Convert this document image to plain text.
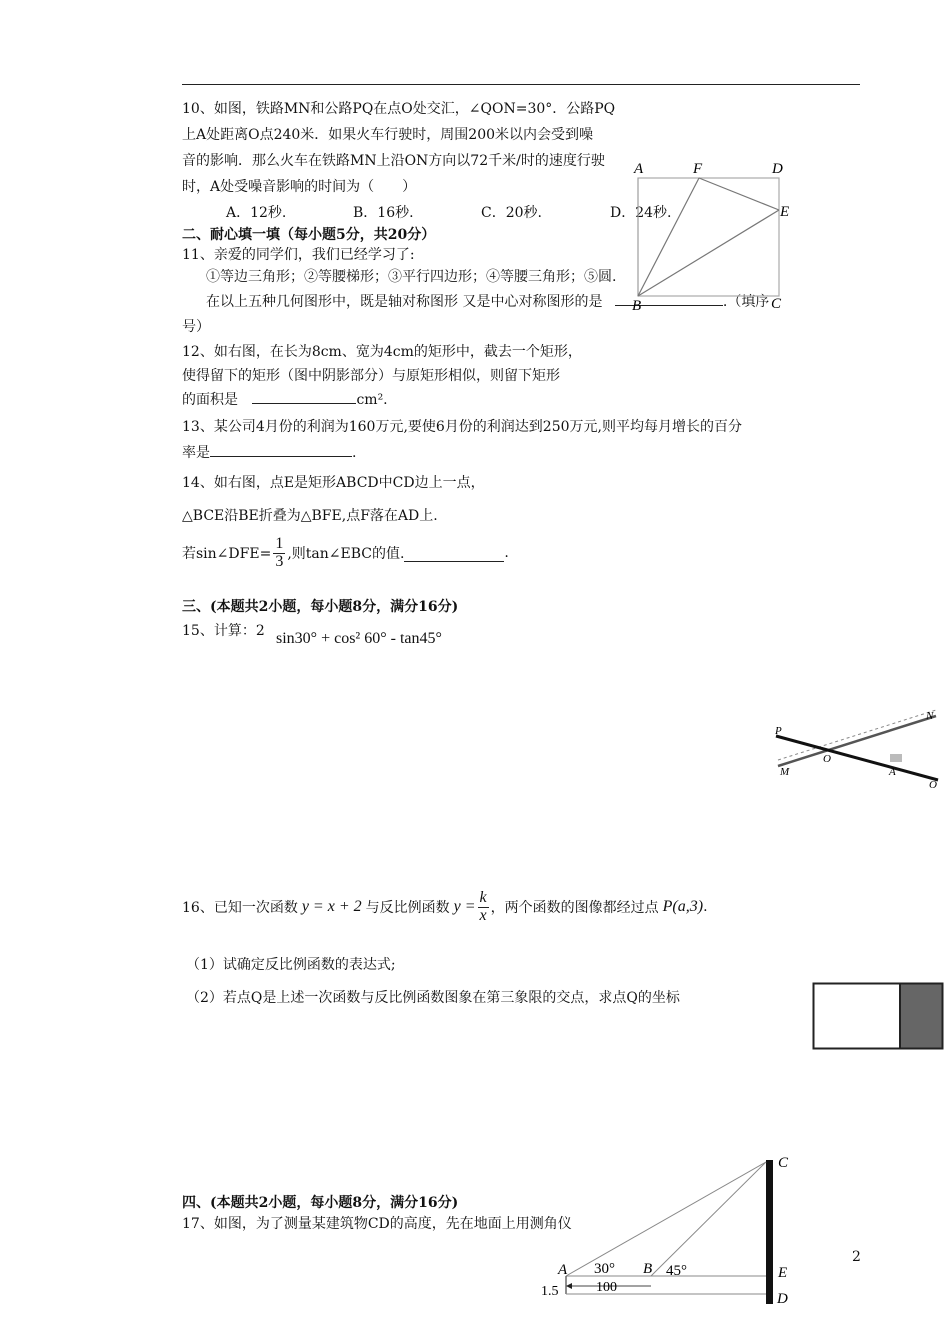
10、如图，铁路MN和公路PQ在点O处交汇，∠QON=30°．公路PQ
上A处距离O点240米．如果火车行驶时，周围200米以内会受到噪
音的影响．那么火车在铁路MN上沿ON方向以72千米/时的速度行驶
时，A处受噪音影响的时间为（　　）
A．12秒.	B．16秒.	C．20秒.	D．24秒.
二、耐心填一填（每小题5分，共20分）
11、亲爱的同学们，我们已经学习了:
①等边三角形；②等腰梯形；③平行四边形；④等腰三角形；⑤圆.
在以上五种几何图形中，既是轴对称图形 又是中心对称图形的是	.（填序
号）
12、如右图，在长为8cm、宽为4cm的矩形中，截去一个矩形，
使得留下的矩形（图中阴影部分）与原矩形相似，则留下矩形
的面积是	cm².
13、某公司4月份的利润为160万元,要使6月份的利润达到250万元,则平均每月增长的百分
率是	.
14、如右图，点E是矩形ABCD中CD边上一点，
△BCE沿BE折叠为△BFE,点F落在AD上.
若sin∠DFE= $\frac{1}{3}$ ,则tan∠EBC的值.	.
三、(本题共2小题，每小题8分，满分16分)
15、计算：2 sin30° + cos² 60° - tan45°
16、已知一次函数 y = x + 2 与反比例函数 $y = \frac{k}{x}$ ，两个函数的图像都经过点 P(a,3) .
（1）试确定反比例函数的表达式;
（2）若点Q是上述一次函数与反比例函数图象在第三象限的交点，求点Q的坐标
四、(本题共2小题，每小题8分，满分16分)
17、如图，为了测量某建筑物CD的高度，先在地面上用测角仪
2
A	F	D
E
B	C
P
N
M
O
A
O
C
E
D
A	B
30°	45°
100
1.5
